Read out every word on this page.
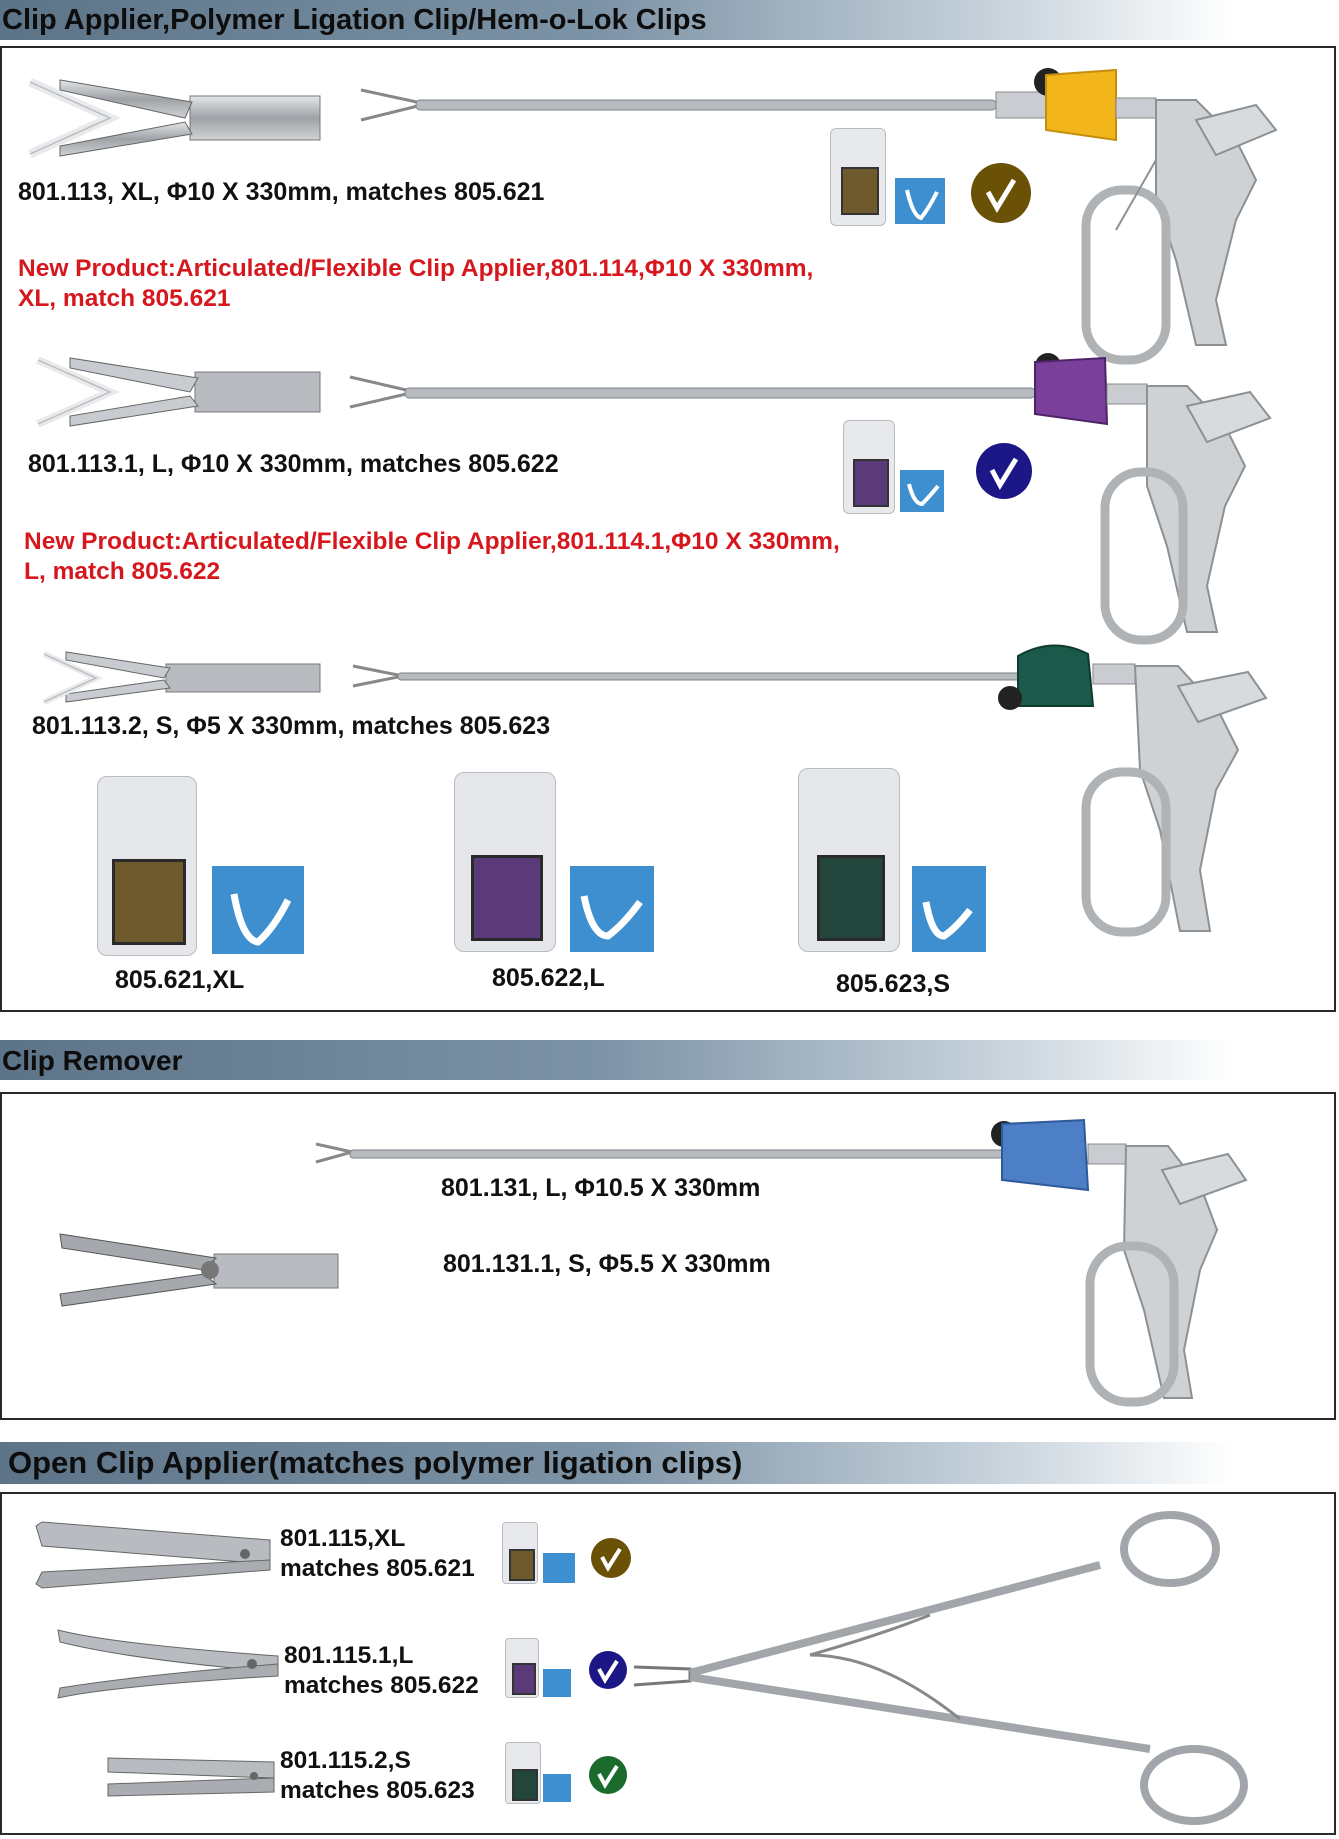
Clip Applier,Polymer Ligation Clip/Hem-o-Lok Clips
801.113, XL, Φ10 X 330mm, matches 805.621
New Product:Articulated/Flexible Clip Applier,801.114,Φ10 X 330mm,
XL, match 805.621
801.113.1, L, Φ10 X 330mm, matches 805.622
New Product:Articulated/Flexible Clip Applier,801.114.1,Φ10 X 330mm,
L, match 805.622
801.113.2, S, Φ5 X 330mm, matches 805.623
805.621,XL	805.622,L	805.623,S
Clip Remover
801.131, L, Φ10.5 X 330mm
801.131.1, S, Φ5.5 X 330mm
Open Clip Applier(matches polymer ligation clips)
801.115,XL
matches 805.621
801.115.1,L
matches 805.622
801.115.2,S
matches 805.623
